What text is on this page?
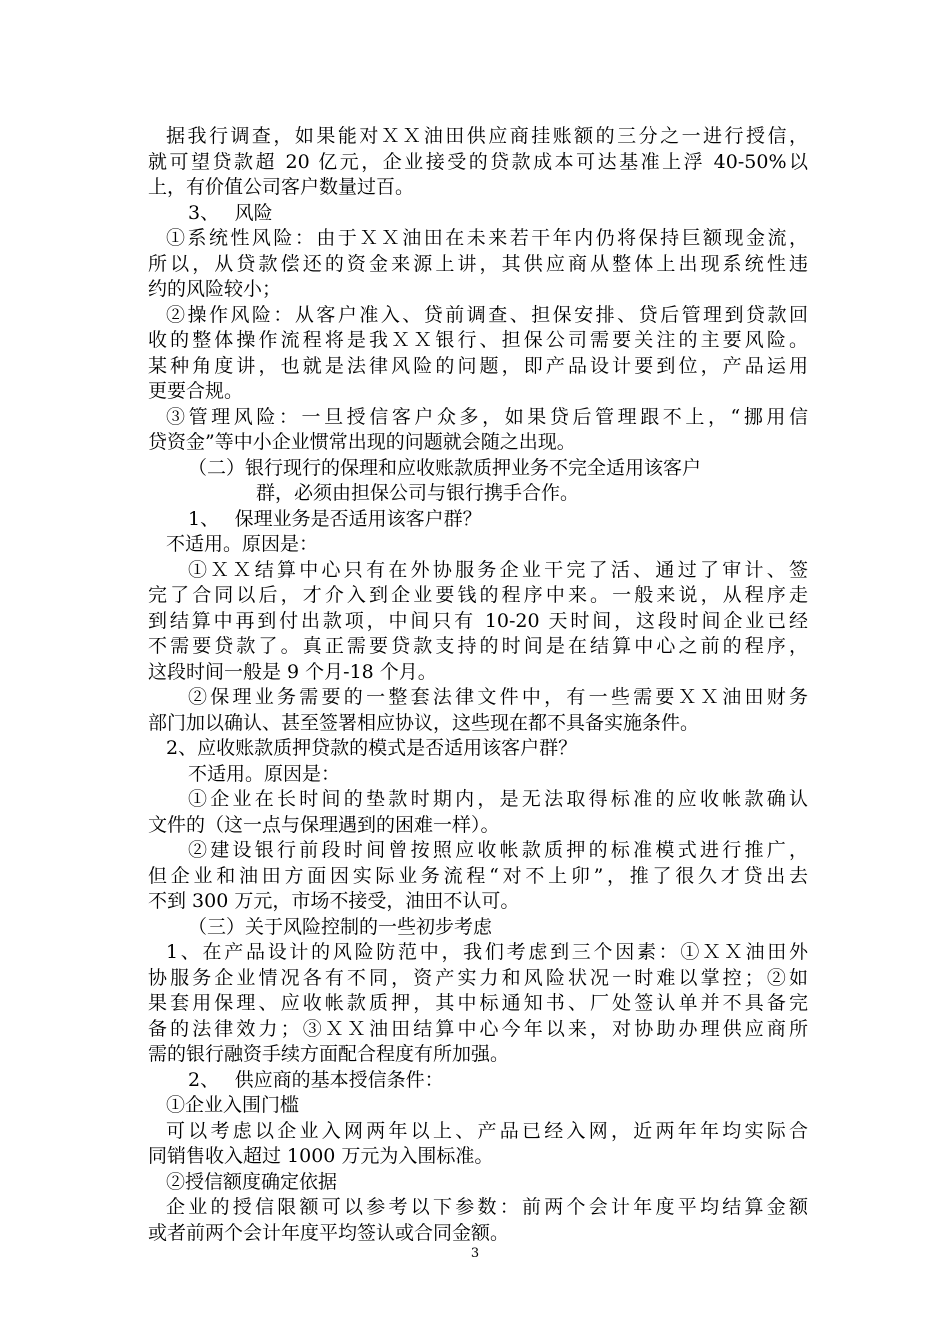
据我行调查，如果能对ＸＸ油田供应商挂账额的三分之一进行授信，
就可望贷款超 20 亿元，企业接受的贷款成本可达基准上浮 40-50%以
上，有价值公司客户数量过百。
3、　 风险
①系统性风险：由于ＸＸ油田在未来若干年内仍将保持巨额现金流，
所以，从贷款偿还的资金来源上讲，其供应商从整体上出现系统性违
约的风险较小；
②操作风险：从客户准入、贷前调查、担保安排、贷后管理到贷款回
收的整体操作流程将是我ＸＸ银行、担保公司需要关注的主要风险。
某种角度讲，也就是法律风险的问题，即产品设计要到位，产品运用
更要合规。
③管理风险：一旦授信客户众多，如果贷后管理跟不上，“挪用信
贷资金”等中小企业惯常出现的问题就会随之出现。
（二）银行现行的保理和应收账款质押业务不完全适用该客户
群，必须由担保公司与银行携手合作。
1、　 保理业务是否适用该客户群？
不适用。原因是：
①ＸＸ结算中心只有在外协服务企业干完了活、通过了审计、签
完了合同以后，才介入到企业要钱的程序中来。一般来说，从程序走
到结算中再到付出款项，中间只有 10-20 天时间，这段时间企业已经
不需要贷款了。真正需要贷款支持的时间是在结算中心之前的程序，
这段时间一般是 9 个月-18 个月。
②保理业务需要的一整套法律文件中，有一些需要ＸＸ油田财务
部门加以确认、甚至签署相应协议，这些现在都不具备实施条件。
2、应收账款质押贷款的模式是否适用该客户群？
不适用。原因是：
①企业在长时间的垫款时期内，是无法取得标准的应收帐款确认
文件的（这一点与保理遇到的困难一样）。
②建设银行前段时间曾按照应收帐款质押的标准模式进行推广，
但企业和油田方面因实际业务流程“对不上卯”，推了很久才贷出去
不到 300 万元，市场不接受，油田不认可。
（三）关于风险控制的一些初步考虑
1、在产品设计的风险防范中，我们考虑到三个因素：①ＸＸ油田外
协服务企业情况各有不同，资产实力和风险状况一时难以掌控；②如
果套用保理、应收帐款质押，其中标通知书、厂处签认单并不具备完
备的法律效力；③ＸＸ油田结算中心今年以来，对协助办理供应商所
需的银行融资手续方面配合程度有所加强。
2、　 供应商的基本授信条件：
①企业入围门槛
可以考虑以企业入网两年以上、产品已经入网，近两年年均实际合
同销售收入超过 1000 万元为入围标准。
②授信额度确定依据
企业的授信限额可以参考以下参数：前两个会计年度平均结算金额
或者前两个会计年度平均签认或合同金额。
3
